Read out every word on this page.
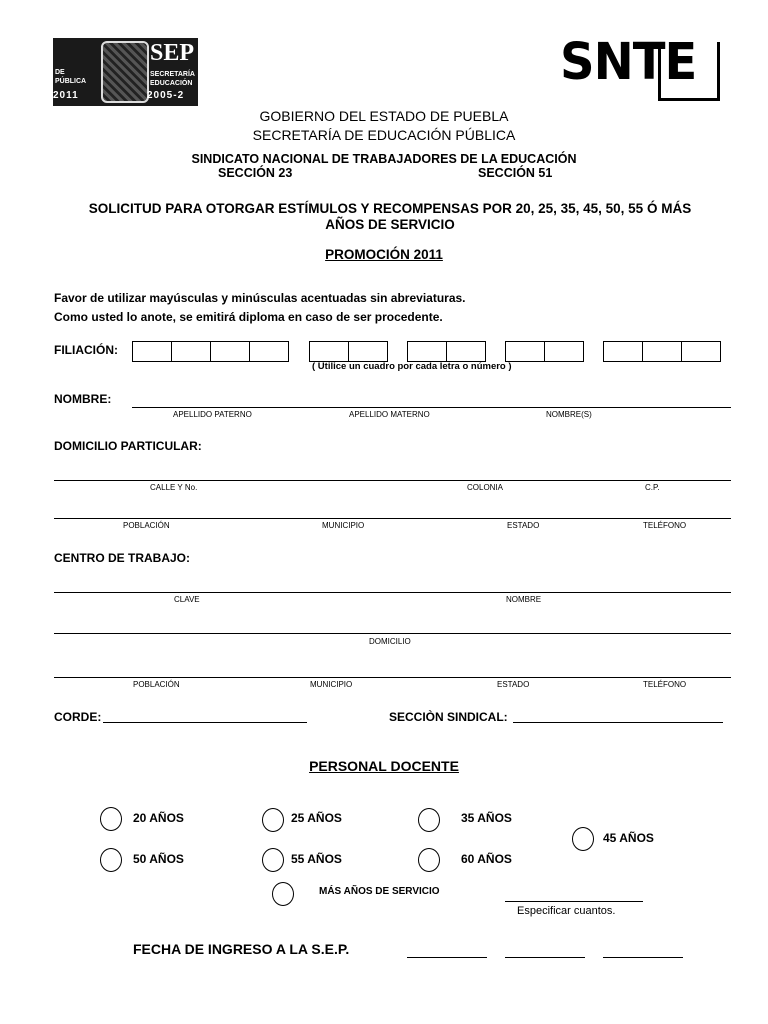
DE
PÚBLICA
2011
SEP
SECRETARÍA
EDUCACIÓN
2005-2
SNTE
GOBIERNO DEL ESTADO DE PUEBLA
SECRETARÍA DE EDUCACIÓN PÚBLICA
SINDICATO NACIONAL DE TRABAJADORES DE LA EDUCACIÓN
SECCIÓN 23	SECCIÓN 51
SOLICITUD PARA OTORGAR ESTÍMULOS Y RECOMPENSAS POR 20, 25, 35, 45, 50, 55 Ó MÁS
AÑOS DE SERVICIO
PROMOCIÓN 2011
Favor de utilizar mayúsculas y minúsculas acentuadas sin abreviaturas.
Como usted lo anote, se emitirá diploma en caso de ser procedente.
FILIACIÓN:
( Utilice un cuadro por cada letra o número )
NOMBRE:
APELLIDO PATERNO	APELLIDO MATERNO	NOMBRE(S)
DOMICILIO PARTICULAR:
CALLE Y No.	COLONIA	C.P.
POBLACIÓN	MUNICIPIO	ESTADO	TELÉFONO
CENTRO DE TRABAJO:
CLAVE	NOMBRE
DOMICILIO
POBLACIÓN	MUNICIPIO	ESTADO	TELÉFONO
CORDE:	SECCIÒN SINDICAL:
PERSONAL DOCENTE
20 AÑOS	25 AÑOS	35 AÑOS
45 AÑOS
50 AÑOS	55 AÑOS	60 AÑOS
MÁS AÑOS DE SERVICIO
Especificar cuantos.
FECHA DE INGRESO A LA S.E.P.
